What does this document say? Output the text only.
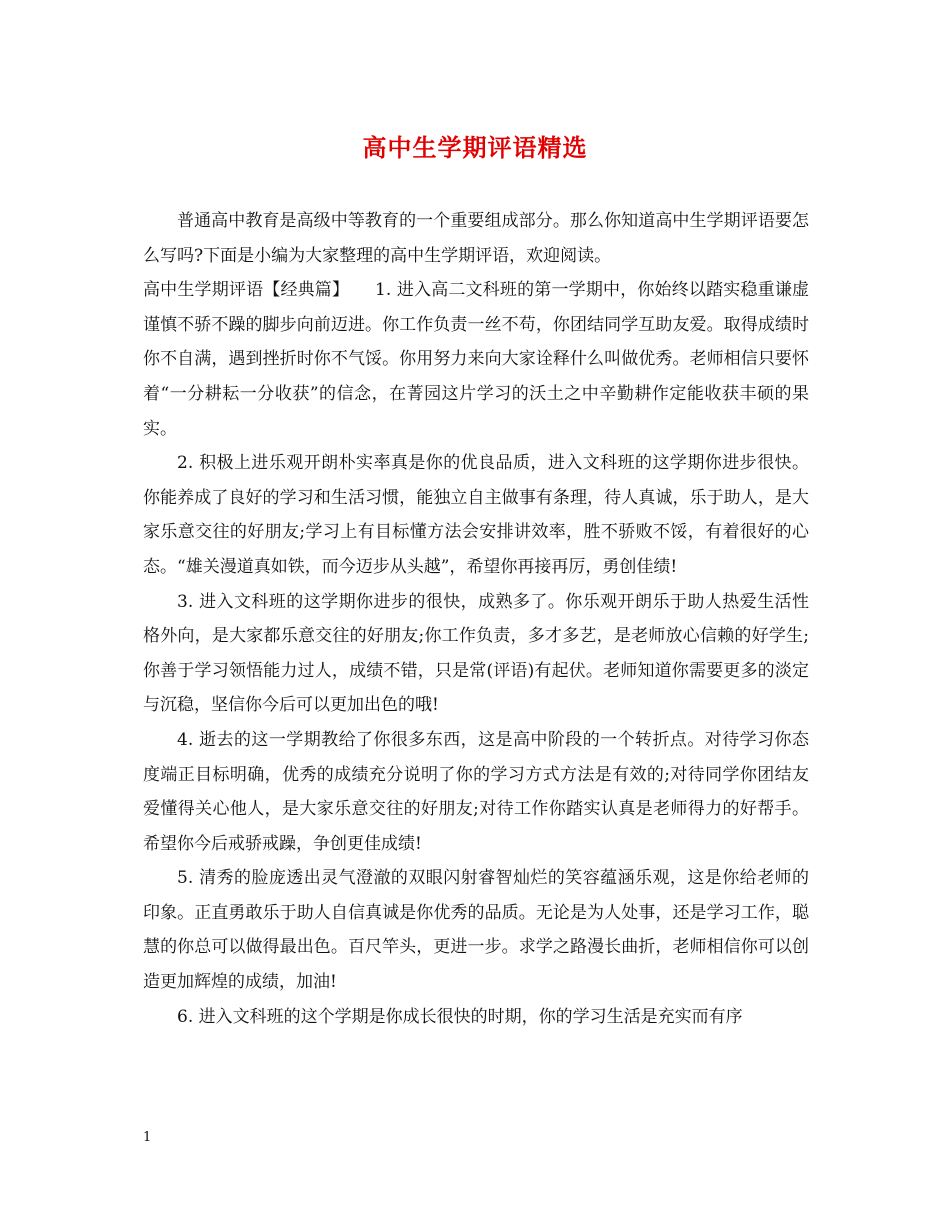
高中生学期评语精选

普通高中教育是高级中等教育的一个重要组成部分。那么你知道高中生学期评语要怎么写吗?下面是小编为大家整理的高中生学期评语，欢迎阅读。

高中生学期评语【经典篇】　　1. 进入高二文科班的第一学期中，你始终以踏实稳重谦虚谨慎不骄不躁的脚步向前迈进。你工作负责一丝不苟，你团结同学互助友爱。取得成绩时你不自满，遇到挫折时你不气馁。你用努力来向大家诠释什么叫做优秀。老师相信只要怀着“一分耕耘一分收获”的信念，在菁园这片学习的沃土之中辛勤耕作定能收获丰硕的果实。

2. 积极上进乐观开朗朴实率真是你的优良品质，进入文科班的这学期你进步很快。你能养成了良好的学习和生活习惯，能独立自主做事有条理，待人真诚，乐于助人，是大家乐意交往的好朋友;学习上有目标懂方法会安排讲效率，胜不骄败不馁，有着很好的心态。“雄关漫道真如铁，而今迈步从头越”，希望你再接再厉，勇创佳绩!

3. 进入文科班的这学期你进步的很快，成熟多了。你乐观开朗乐于助人热爱生活性格外向，是大家都乐意交往的好朋友;你工作负责，多才多艺，是老师放心信赖的好学生;你善于学习领悟能力过人，成绩不错，只是常(评语)有起伏。老师知道你需要更多的淡定与沉稳，坚信你今后可以更加出色的哦!

4. 逝去的这一学期教给了你很多东西，这是高中阶段的一个转折点。对待学习你态度端正目标明确，优秀的成绩充分说明了你的学习方式方法是有效的;对待同学你团结友爱懂得关心他人，是大家乐意交往的好朋友;对待工作你踏实认真是老师得力的好帮手。希望你今后戒骄戒躁，争创更佳成绩!

5. 清秀的脸庞透出灵气澄澈的双眼闪射睿智灿烂的笑容蕴涵乐观，这是你给老师的印象。正直勇敢乐于助人自信真诚是你优秀的品质。无论是为人处事，还是学习工作，聪慧的你总可以做得最出色。百尺竿头，更进一步。求学之路漫长曲折，老师相信你可以创造更加辉煌的成绩，加油!

6. 进入文科班的这个学期是你成长很快的时期，你的学习生活是充实而有序

1
